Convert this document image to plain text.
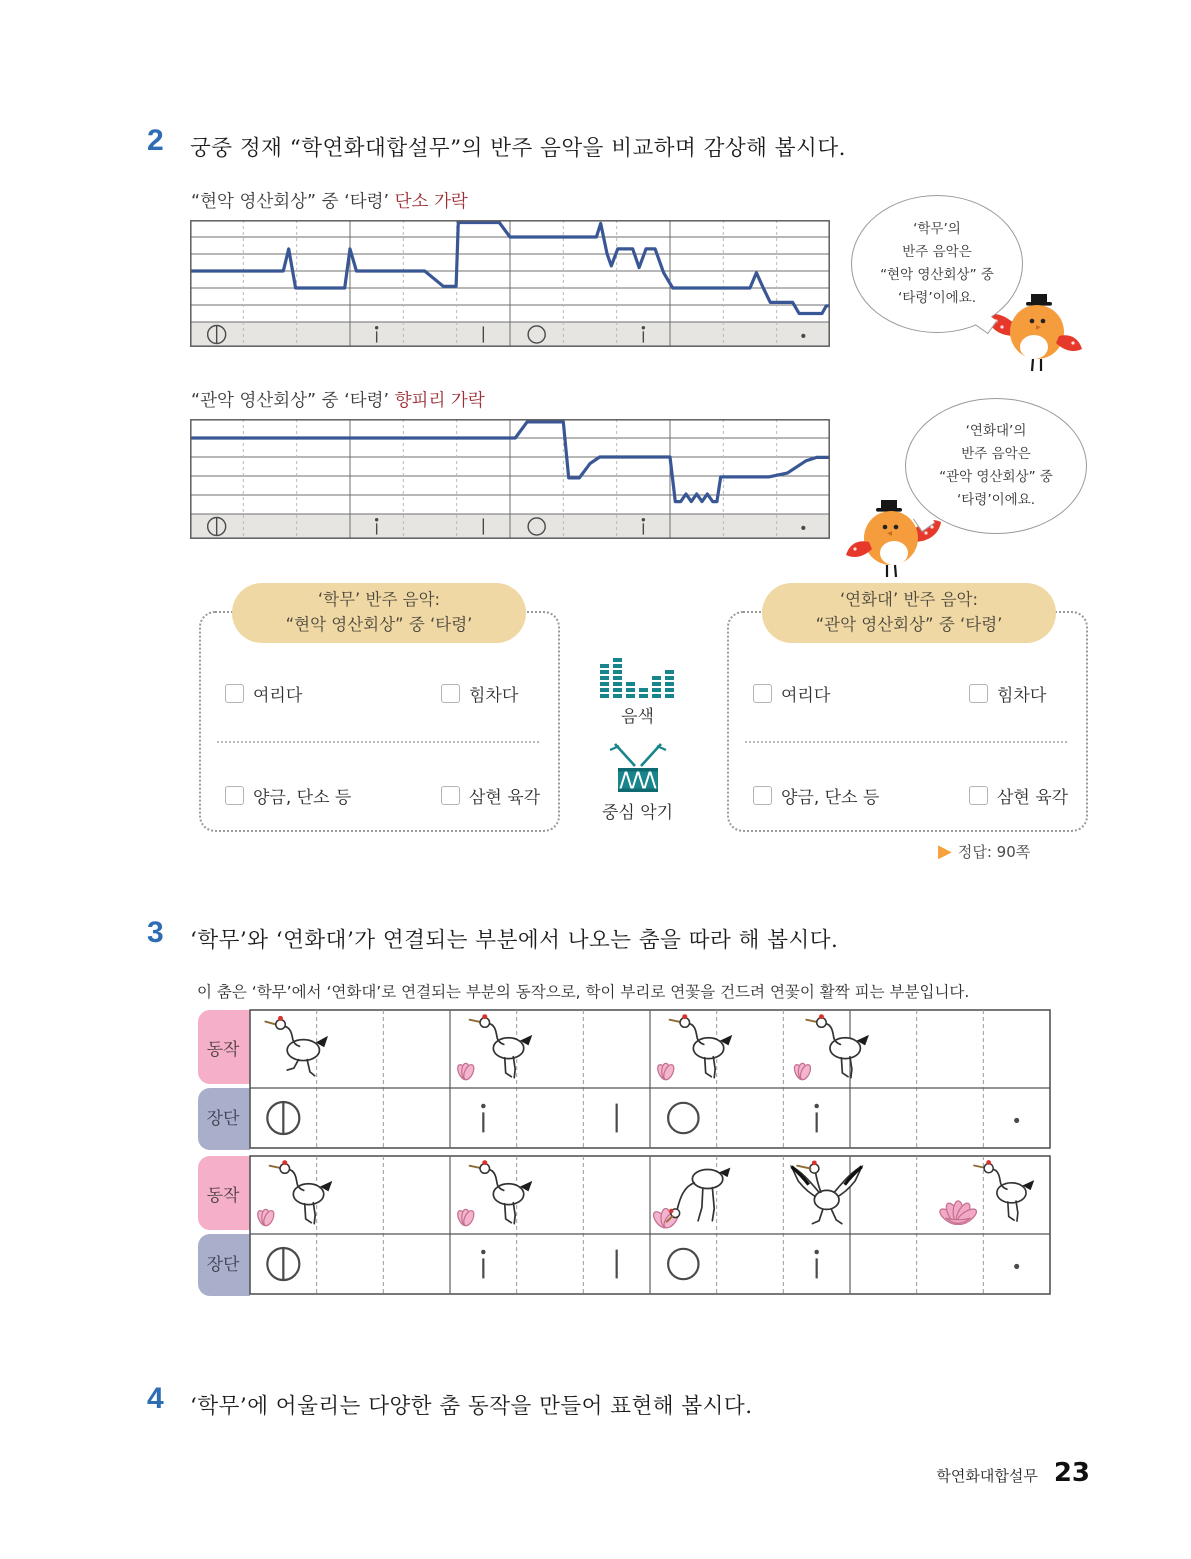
2 궁중 정재 “학연화대합설무”의 반주 음악을 비교하며 감상해 봅시다.
“현악 영산회상” 중 ‘타령’ 단소 가락
‘학무’의
반주 음악은
“현악 영산회상” 중
‘타령’이에요.
“관악 영산회상” 중 ‘타령’ 향피리 가락
‘연화대’의
반주 음악은
“관악 영산회상” 중
‘타령’이에요.
‘학무’ 반주 음악:
“현악 영산회상” 중 ‘타령’
여리다	힘차다
양금, 단소 등	삼현 육각
음색
중심 악기
‘연화대’ 반주 음악:
“관악 영산회상” 중 ‘타령’
여리다	힘차다
양금, 단소 등	삼현 육각
▶ 정답: 90쪽
3 ‘학무’와 ‘연화대’가 연결되는 부분에서 나오는 춤을 따라 해 봅시다.
이 춤은 ‘학무’에서 ‘연화대’로 연결되는 부분의 동작으로, 학이 부리로 연꽃을 건드려 연꽃이 활짝 피는 부분입니다.
동작
장단
동작
장단
4 ‘학무’에 어울리는 다양한 춤 동작을 만들어 표현해 봅시다.
학연화대합설무 23
